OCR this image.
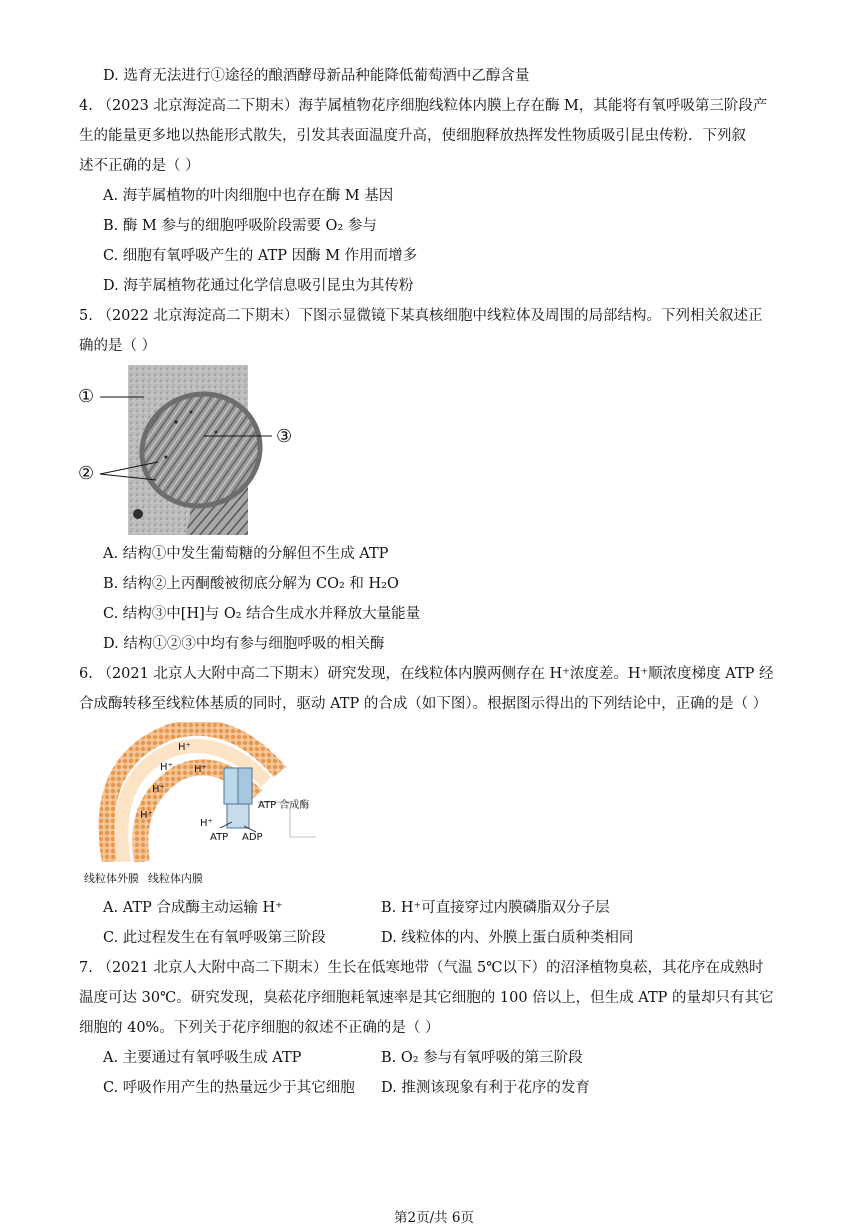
D. 选育无法进行①途径的酿酒酵母新品种能降低葡萄酒中乙醇含量
4. （2023 北京海淀高二下期末）海芋属植物花序细胞线粒体内膜上存在酶 M，其能将有氧呼吸第三阶段产
生的能量更多地以热能形式散失，引发其表面温度升高，使细胞释放热挥发性物质吸引昆虫传粉．下列叙
述不正确的是（ ）
A. 海芋属植物的叶肉细胞中也存在酶 M 基因
B. 酶 M 参与的细胞呼吸阶段需要 O₂ 参与
C. 细胞有氧呼吸产生的 ATP 因酶 M 作用而增多
D. 海芋属植物花通过化学信息吸引昆虫为其传粉
5. （2022 北京海淀高二下期末）下图示显微镜下某真核细胞中线粒体及周围的局部结构。下列相关叙述正
确的是（ ）
①
③
②
A. 结构①中发生葡萄糖的分解但不生成 ATP
B. 结构②上丙酮酸被彻底分解为 CO₂ 和 H₂O
C. 结构③中[H]与 O₂ 结合生成水并释放大量能量
D. 结构①②③中均有参与细胞呼吸的相关酶
6. （2021 北京人大附中高二下期末）研究发现，在线粒体内膜两侧存在 H⁺浓度差。H⁺顺浓度梯度 ATP 经
合成酶转移至线粒体基质的同时，驱动 ATP 的合成（如下图）。根据图示得出的下列结论中，正确的是（ ）
H⁺
H⁺ H⁺
H⁺
H⁺
H⁺
ATP 合成酶
ATP ADP
线粒体外膜 线粒体内膜
A. ATP 合成酶主动运输 H⁺	B. H⁺可直接穿过内膜磷脂双分子层
C. 此过程发生在有氧呼吸第三阶段	D. 线粒体的内、外膜上蛋白质种类相同
7. （2021 北京人大附中高二下期末）生长在低寒地带（气温 5℃以下）的沼泽植物臭菘，其花序在成熟时
温度可达 30℃。研究发现，臭菘花序细胞耗氧速率是其它细胞的 100 倍以上，但生成 ATP 的量却只有其它
细胞的 40%。下列关于花序细胞的叙述不正确的是（ ）
A. 主要通过有氧呼吸生成 ATP	B. O₂ 参与有氧呼吸的第三阶段
C. 呼吸作用产生的热量远少于其它细胞 D. 推测该现象有利于花序的发育
第2页/共 6页
